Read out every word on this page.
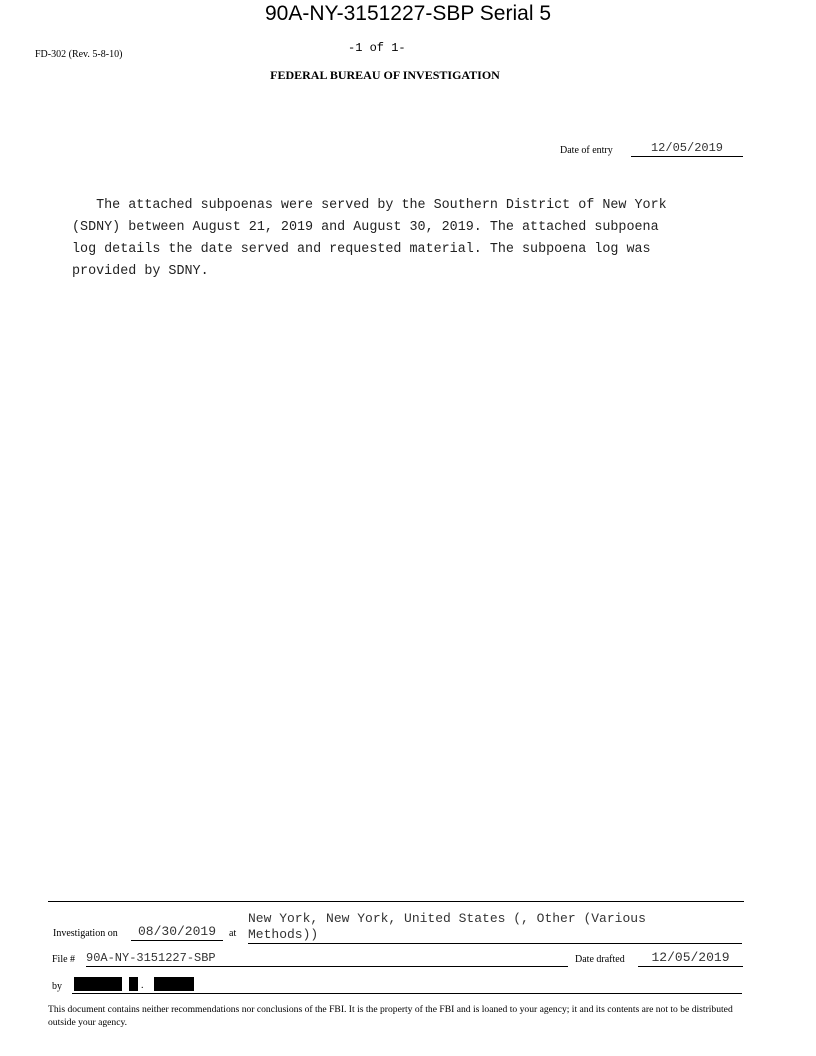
90A-NY-3151227-SBP Serial 5
FD-302 (Rev. 5-8-10)	-1 of 1-
FEDERAL BUREAU OF INVESTIGATION
Date of entry	12/05/2019
The attached subpoenas were served by the Southern District of New York
(SDNY) between August 21, 2019 and August 30, 2019. The attached subpoena
log details the date served and requested material. The subpoena log was
provided by SDNY.
Investigation on	08/30/2019	at
New York, New York, United States (, Other (Various
Methods))
File # 90A-NY-3151227-SBP	Date drafted	12/05/2019
by	.
This document contains neither recommendations nor conclusions of the FBI. It is the property of the FBI and is loaned to your agency; it and its contents are not to be distributed outside your agency.
